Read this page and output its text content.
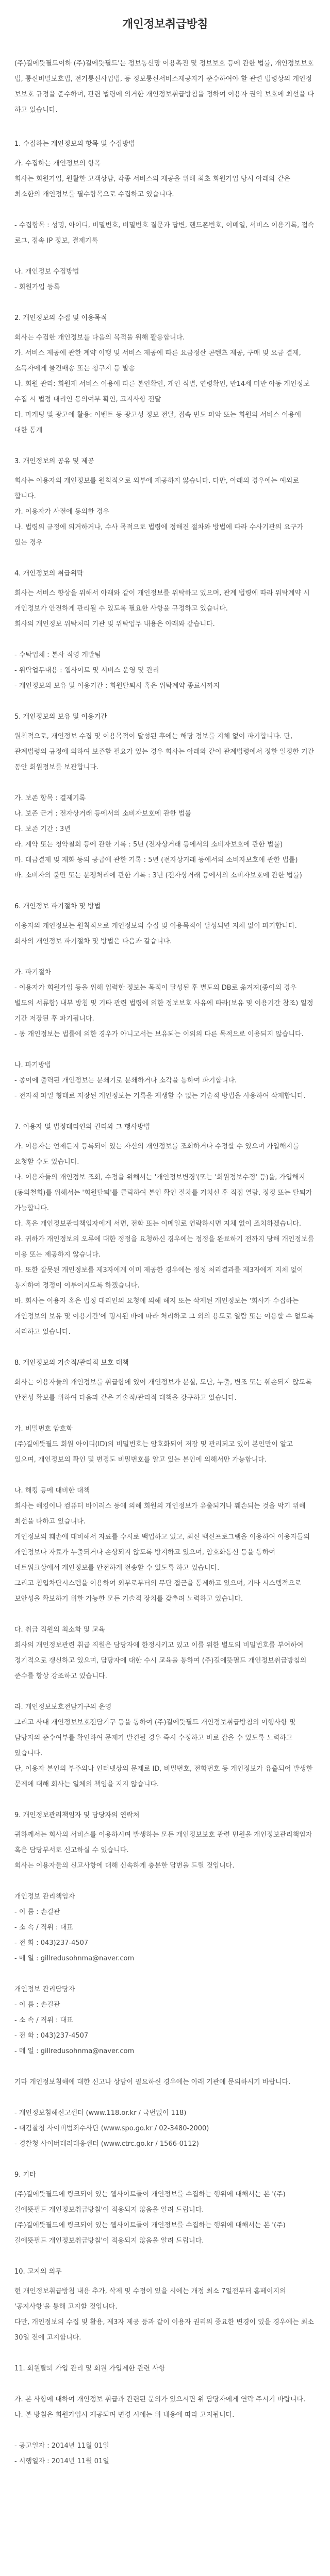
개인정보취급방침

(주)길에뜻필드이하 (주)길에뜻필드'는 정보통신망 이용촉진 및 정보보호 등에 관한 법률, 개인정보보호법, 통신비밀보호법, 전기통신사업법, 등 정보통신서비스제공자가 준수하여야 할 관련 법령상의 개인정보보호 규정을 준수하며, 관련 법령에 의거한 개인정보취급방침을 정하여 이용자 권익 보호에 최선을 다하고 있습니다.

1. 수집하는 개인정보의 항목 및 수집방법

가. 수집하는 개인정보의 항목

회사는 회원가입, 원활한 고객상담, 각종 서비스의 제공을 위해 최초 회원가입 당시 아래와 같은 최소한의 개인정보를 필수항목으로 수집하고 있습니다.

- 수집항목 : 성명, 아이디, 비밀번호, 비밀번호 질문과 답변, 핸드폰번호, 이메일, 서비스 이용기록, 접속 로그, 접속 IP 정보, 결제기록

나. 개인정보 수집방법

- 회원가입 등록

2. 개인정보의 수집 및 이용목적

회사는 수집한 개인정보를 다음의 목적을 위해 활용합니다.

가. 서비스 제공에 관한 계약 이행 및 서비스 제공에 따른 요금정산 콘텐츠 제공, 구매 및 요금 결제, 소득자에게 물건배송 또는 청구지 등 발송

나. 회원 관리: 회원제 서비스 이용에 따른 본인확인, 개인 식별, 연령확인, 만14세 미만 아동 개인정보 수집 시 법정 대리인 동의여부 확인, 고지사항 전달

다. 마케팅 및 광고에 활용: 이벤트 등 광고성 정보 전달, 접속 빈도 파악 또는 회원의 서비스 이용에 대한 통계

3. 개인정보의 공유 및 제공

회사는 이용자의 개인정보를 원칙적으로 외부에 제공하지 않습니다. 다만, 아래의 경우에는 예외로 합니다.

가. 이용자가 사전에 동의한 경우

나. 법령의 규정에 의거하거나, 수사 목적으로 법령에 정해진 절차와 방법에 따라 수사기관의 요구가 있는 경우

4. 개인정보의 취급위탁

회사는 서비스 향상을 위해서 아래와 같이 개인정보를 위탁하고 있으며, 관계 법령에 따라 위탁계약 시 개인정보가 안전하게 관리될 수 있도록 필요한 사항을 규정하고 있습니다.

회사의 개인정보 위탁처리 기관 및 위탁업무 내용은 아래와 같습니다.

- 수탁업체 : 본사 직영 개발팀

- 위탁업무내용 : 웹사이트 및 서비스 운영 및 관리

- 개인정보의 보유 및 이용기간 : 회원탈퇴시 혹은 위탁계약 종료시까지

5. 개인정보의 보유 및 이용기간

원칙적으로, 개인정보 수집 및 이용목적이 달성된 후에는 해당 정보를 지체 없이 파기합니다. 단, 관계법령의 규정에 의하여 보존할 필요가 있는 경우 회사는 아래와 같이 관계법령에서 정한 일정한 기간 동안 회원정보를 보관합니다.

가. 보존 항목 : 결제기록

나. 보존 근거 : 전자상거래 등에서의 소비자보호에 관한 법률

다. 보존 기간 : 3년

라. 계약 또는 청약철회 등에 관한 기록 : 5년 (전자상거래 등에서의 소비자보호에 관한 법률)

마. 대금결제 및 재화 등의 공급에 관한 기록 : 5년 (전자상거래 등에서의 소비자보호에 관한 법률)

바. 소비자의 불만 또는 분쟁처리에 관한 기록 : 3년 (전자상거래 등에서의 소비자보호에 관한 법률)

6. 개인정보 파기절차 및 방법

이용자의 개인정보는 원칙적으로 개인정보의 수집 및 이용목적이 달성되면 지체 없이 파기합니다.

회사의 개인정보 파기절차 및 방법은 다음과 같습니다.

가. 파기절차

- 이용자가 회원가입 등을 위해 입력한 정보는 목적이 달성된 후 별도의 DB로 옮겨져(종이의 경우 별도의 서류함) 내부 방침 및 기타 관련 법령에 의한 정보보호 사유에 따라(보유 및 이용기간 참조) 일정 기간 저장된 후 파기됩니다.

- 동 개인정보는 법률에 의한 경우가 아니고서는 보유되는 이외의 다른 목적으로 이용되지 않습니다.

나. 파기방법

- 종이에 출력된 개인정보는 분쇄기로 분쇄하거나 소각을 통하여 파기합니다.

- 전자적 파일 형태로 저장된 개인정보는 기록을 재생할 수 없는 기술적 방법을 사용하여 삭제합니다.

7. 이용자 및 법정대리인의 권리와 그 행사방법

가. 이용자는 언제든지 등록되어 있는 자신의 개인정보를 조회하거나 수정할 수 있으며 가입해지를 요청할 수도 있습니다.

나. 이용자들의 개인정보 조회, 수정을 위해서는 '개인정보변경'(또는 '회원정보수정' 등)을, 가입해지(동의철회)를 위해서는 '회원탈퇴'를 클릭하여 본인 확인 절차를 거치신 후 직접 열람, 정정 또는 탈퇴가 가능합니다.

다. 혹은 개인정보관리책임자에게 서면, 전화 또는 이메일로 연락하시면 지체 없이 조치하겠습니다.

라. 귀하가 개인정보의 오류에 대한 정정을 요청하신 경우에는 정정을 완료하기 전까지 당해 개인정보를 이용 또는 제공하지 않습니다.

마. 또한 잘못된 개인정보를 제3자에게 이미 제공한 경우에는 정정 처리결과를 제3자에게 지체 없이 통지하여 정정이 이루어지도록 하겠습니다.

바. 회사는 이용자 혹은 법정 대리인의 요청에 의해 해지 또는 삭제된 개인정보는 '회사가 수집하는 개인정보의 보유 및 이용기간'에 명시된 바에 따라 처리하고 그 외의 용도로 열람 또는 이용할 수 없도록 처리하고 있습니다.

8. 개인정보의 기술적/관리적 보호 대책

회사는 이용자들의 개인정보를 취급함에 있어 개인정보가 분실, 도난, 누출, 변조 또는 훼손되지 않도록 안전성 확보를 위하여 다음과 같은 기술적/관리적 대책을 강구하고 있습니다.

가. 비밀번호 암호화

(주)길에뜻필드 회원 아이디(ID)의 비밀번호는 암호화되어 저장 및 관리되고 있어 본인만이 알고 있으며, 개인정보의 확인 및 변경도 비밀번호를 알고 있는 본인에 의해서만 가능합니다.

나. 해킹 등에 대비한 대책

회사는 해킹이나 컴퓨터 바이러스 등에 의해 회원의 개인정보가 유출되거나 훼손되는 것을 막기 위해 최선을 다하고 있습니다.

개인정보의 훼손에 대비해서 자료를 수시로 백업하고 있고, 최신 백신프로그램을 이용하여 이용자들의 개인정보나 자료가 누출되거나 손상되지 않도록 방지하고 있으며, 암호화통신 등을 통하여 네트워크상에서 개인정보를 안전하게 전송할 수 있도록 하고 있습니다.

그리고 침입차단시스템을 이용하여 외부로부터의 무단 접근을 통제하고 있으며, 기타 시스템적으로 보안성을 확보하기 위한 가능한 모든 기술적 장치를 갖추려 노력하고 있습니다.

다. 취급 직원의 최소화 및 교육

회사의 개인정보관련 취급 직원은 담당자에 한정시키고 있고 이를 위한 별도의 비밀번호를 부여하여 정기적으로 갱신하고 있으며, 담당자에 대한 수시 교육을 통하여 (주)길에뜻필드 개인정보취급방침의 준수를 항상 강조하고 있습니다.

라. 개인정보보호전담기구의 운영

그리고 사내 개인정보보호전담기구 등을 통하여 (주)길에뜻필드 개인정보취급방침의 이행사항 및 담당자의 준수여부를 확인하여 문제가 발견될 경우 즉시 수정하고 바로 잡을 수 있도록 노력하고 있습니다.

단, 이용자 본인의 부주의나 인터넷상의 문제로 ID, 비밀번호, 전화번호 등 개인정보가 유출되어 발생한 문제에 대해 회사는 일체의 책임을 지지 않습니다.

9. 개인정보관리책임자 및 담당자의 연락처

귀하께서는 회사의 서비스를 이용하시며 발생하는 모든 개인정보보호 관련 민원을 개인정보관리책임자 혹은 담당부서로 신고하실 수 있습니다.

회사는 이용자들의 신고사항에 대해 신속하게 충분한 답변을 드릴 것입니다.

개인정보 관리책임자

- 이 름 : 손길관

- 소 속 / 직위 : 대표

- 전 화 : 043)237-4507

- 메 일 : gillredusohnma@naver.com

개인정보 관리담당자

- 이 름 : 손길관

- 소 속 / 직위 : 대표

- 전 화 : 043)237-4507

- 메 일 : gillredusohnma@naver.com

기타 개인정보침해에 대한 신고나 상담이 필요하신 경우에는 아래 기관에 문의하시기 바랍니다.

- 개인정보침해신고센터 (www.118.or.kr / 국번없이 118)

- 대검찰청 사이버범죄수사단 (www.spo.go.kr / 02-3480-2000)

- 경찰청 사이버테러대응센터 (www.ctrc.go.kr / 1566-0112)

9. 기타

(주)길에뜻필드에 링크되어 있는 웹사이트들이 개인정보를 수집하는 행위에 대해서는 본 '(주)길에뜻필드 개인정보취급방침'이 적용되지 않음을 알려 드립니다.

(주)길에뜻필드에 링크되어 있는 웹사이트들이 개인정보를 수집하는 행위에 대해서는 본 '(주)길에뜻필드 개인정보취급방침'이 적용되지 않음을 알려 드립니다.

10. 고지의 의무

현 개인정보취급방침 내용 추가, 삭제 및 수정이 있을 시에는 개정 최소 7일전부터 홈페이지의 '공지사항'을 통해 고지할 것입니다.

다만, 개인정보의 수집 및 활용, 제3자 제공 등과 같이 이용자 권리의 중요한 변경이 있을 경우에는 최소 30일 전에 고지합니다.

11. 회원탈퇴 가입 관리 및 회원 가입제한 관련 사항

가. 본 사항에 대하여 개인정보 취급과 관련된 문의가 있으시면 위 담당자에게 연락 주시기 바랍니다.

나. 본 방침은 회원가입시 제공되며 변경 시에는 위 내용에 따라 고지됩니다.

- 공고일자 : 2014년 11월 01일

- 시행일자 : 2014년 11월 01일
